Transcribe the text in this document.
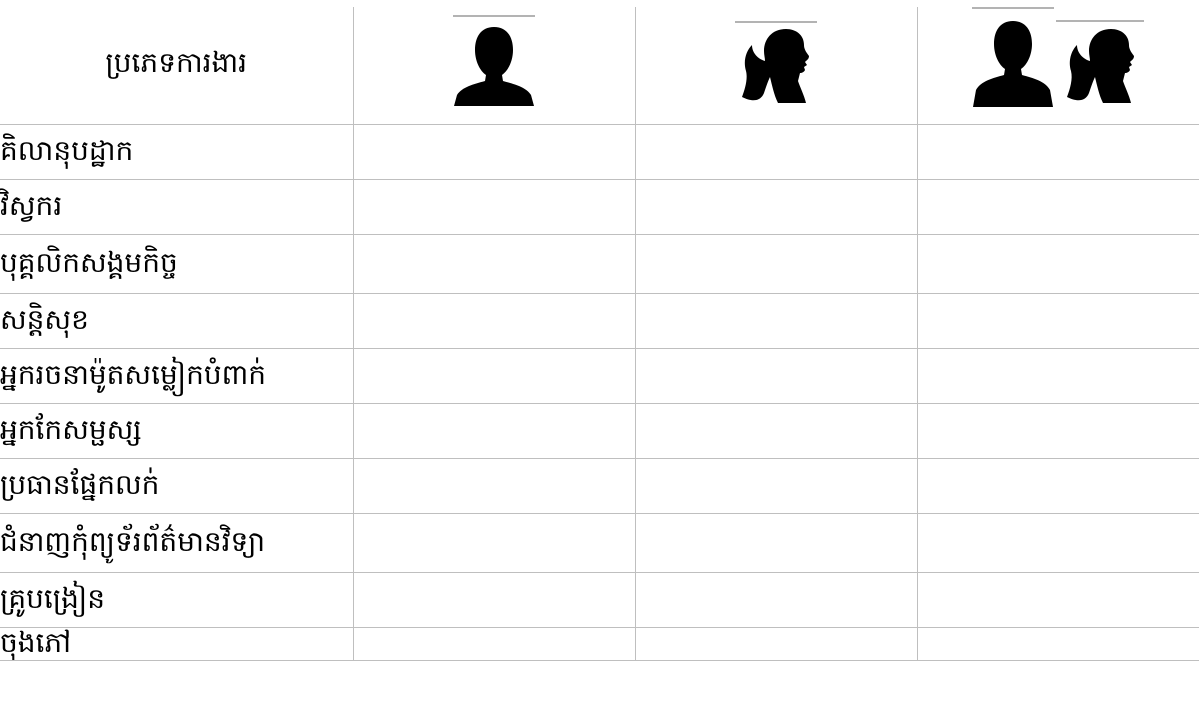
ប្រភេទការងារ	

គិលានុបដ្ឋាក			
វិស្វករ			
បុគ្គលិកសង្គមកិច្ច			
សន្តិសុខ			
អ្នករចនាម៉ូតសម្លៀកបំពាក់			
អ្នកកែសម្ផស្ស			
ប្រធានផ្នែកលក់			
ជំនាញកុំព្យូទ័រព័ត៌មានវិទ្យា			
គ្រូបង្រៀន			
ចុងភៅ			
